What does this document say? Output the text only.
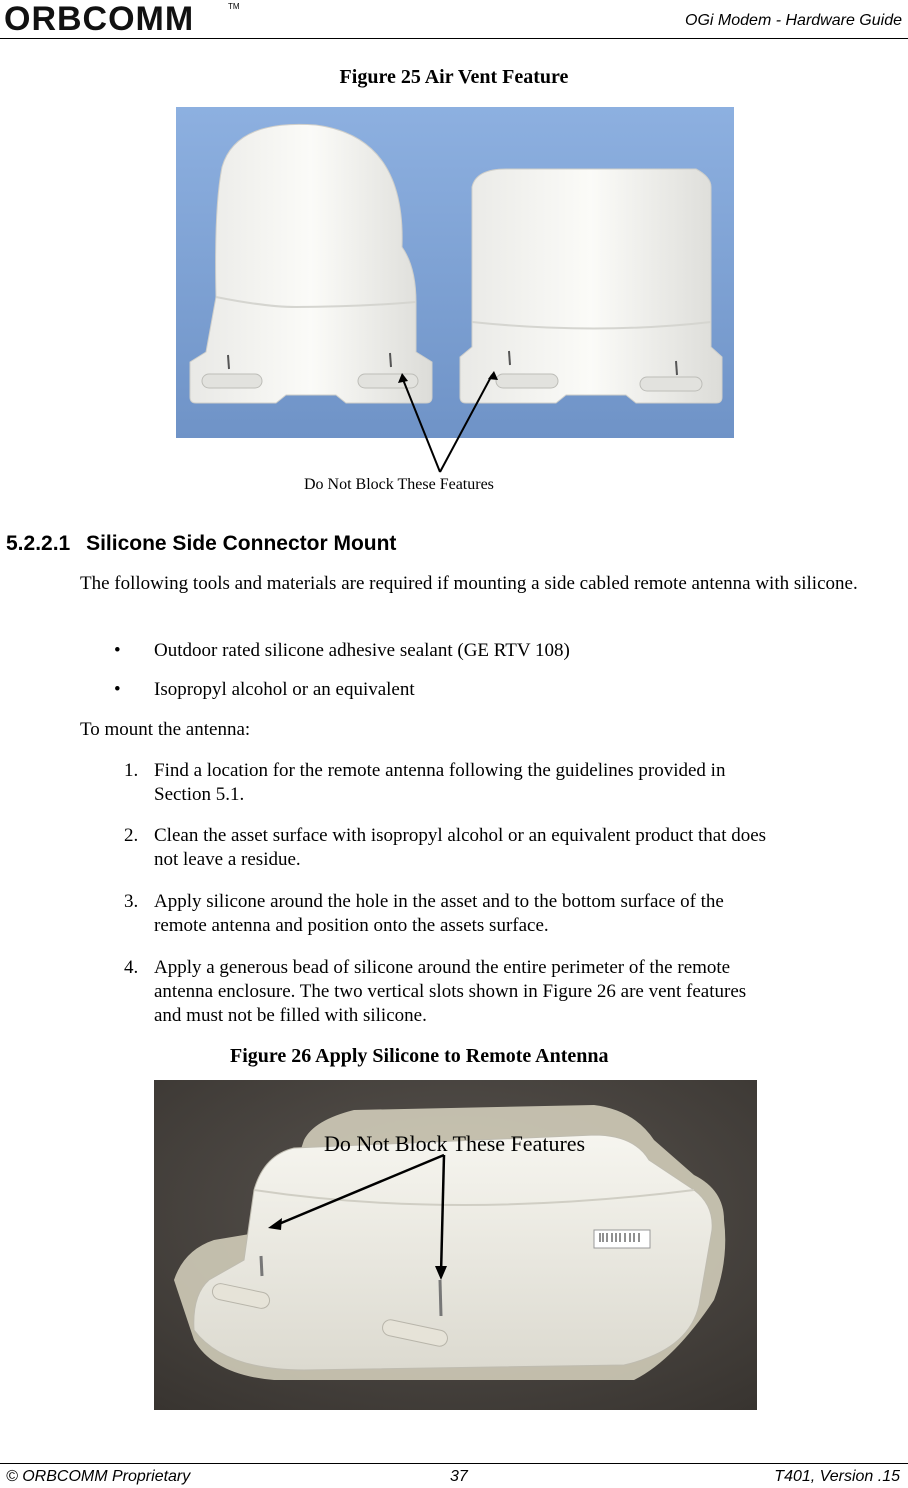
ORBCOMM	TM
OGi Modem - Hardware Guide
Figure 25 Air Vent Feature
Do Not Block These Features
5.2.2.1 Silicone Side Connector Mount
The following tools and materials are required if mounting a side cabled remote antenna with silicone.
• Outdoor rated silicone adhesive sealant (GE RTV 108)
• Isopropyl alcohol or an equivalent
To mount the antenna:
1. Find a location for the remote antenna following the guidelines provided in
Section 5.1.
2. Clean the asset surface with isopropyl alcohol or an equivalent product that does
not leave a residue.
3. Apply silicone around the hole in the asset and to the bottom surface of the
remote antenna and position onto the assets surface.
4. Apply a generous bead of silicone around the entire perimeter of the remote
antenna enclosure. The two vertical slots shown in Figure 26 are vent features
and must not be filled with silicone.
Figure 26 Apply Silicone to Remote Antenna
Do Not Block These Features
© ORBCOMM Proprietary	37	T401, Version .15
